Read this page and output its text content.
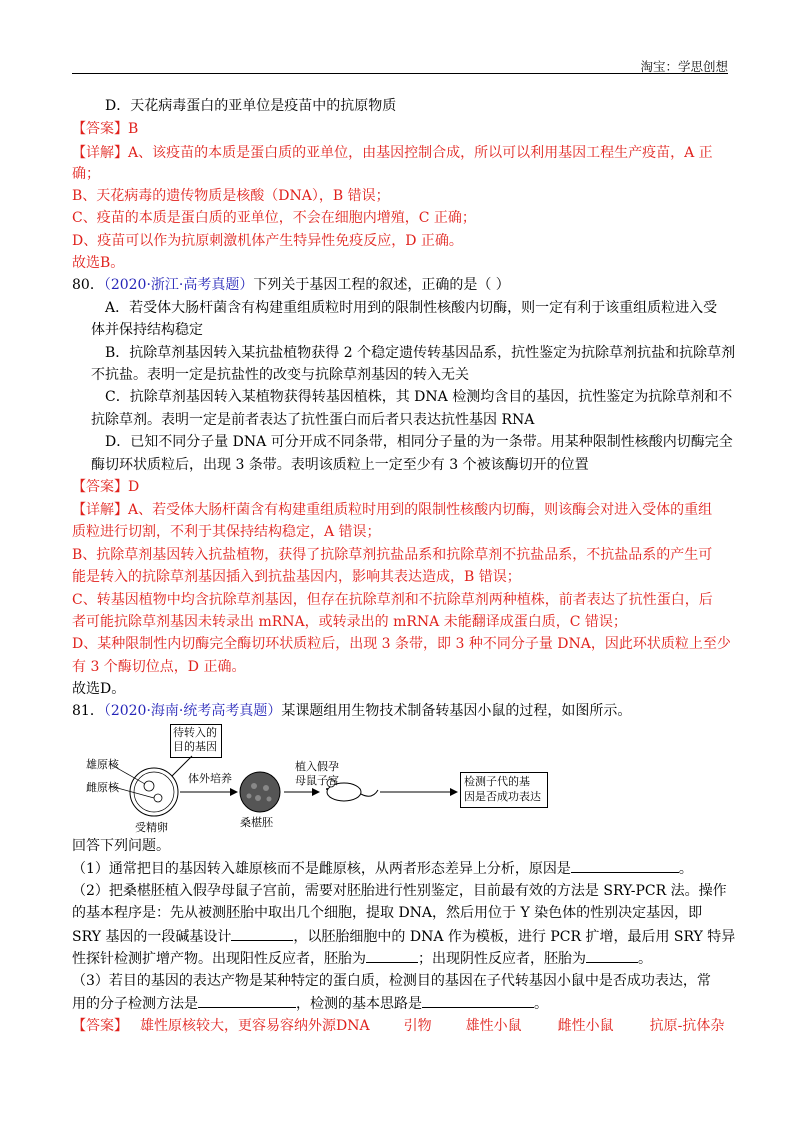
淘宝：学思创想
D．天花病毒蛋白的亚单位是疫苗中的抗原物质
【答案】B
【详解】A、该疫苗的本质是蛋白质的亚单位，由基因控制合成，所以可以利用基因工程生产疫苗，A 正
确；
B、天花病毒的遗传物质是核酸（DNA），B 错误；
C、疫苗的本质是蛋白质的亚单位，不会在细胞内增殖，C 正确；
D、疫苗可以作为抗原刺激机体产生特异性免疫反应，D 正确。
故选B。
80．（2020·浙江·高考真题）下列关于基因工程的叙述，正确的是（ ）
A．若受体大肠杆菌含有构建重组质粒时用到的限制性核酸内切酶，则一定有利于该重组质粒进入受
体并保持结构稳定
B．抗除草剂基因转入某抗盐植物获得 2 个稳定遗传转基因品系，抗性鉴定为抗除草剂抗盐和抗除草剂
不抗盐。表明一定是抗盐性的改变与抗除草剂基因的转入无关
C．抗除草剂基因转入某植物获得转基因植株，其 DNA 检测均含目的基因，抗性鉴定为抗除草剂和不
抗除草剂。表明一定是前者表达了抗性蛋白而后者只表达抗性基因 RNA
D．已知不同分子量 DNA 可分开成不同条带，相同分子量的为一条带。用某种限制性核酸内切酶完全
酶切环状质粒后，出现 3 条带。表明该质粒上一定至少有 3 个被该酶切开的位置
【答案】D
【详解】A、若受体大肠杆菌含有构建重组质粒时用到的限制性核酸内切酶，则该酶会对进入受体的重组
质粒进行切割，不利于其保持结构稳定，A 错误；
B、抗除草剂基因转入抗盐植物，获得了抗除草剂抗盐品系和抗除草剂不抗盐品系，不抗盐品系的产生可
能是转入的抗除草剂基因插入到抗盐基因内，影响其表达造成，B 错误；
C、转基因植物中均含抗除草剂基因，但存在抗除草剂和不抗除草剂两种植株，前者表达了抗性蛋白，后
者可能抗除草剂基因未转录出 mRNA，或转录出的 mRNA 未能翻译成蛋白质，C 错误；
D、某种限制性内切酶完全酶切环状质粒后，出现 3 条带，即 3 种不同分子量 DNA，因此环状质粒上至少
有 3 个酶切位点，D 正确。
故选D。
81．（2020·海南·统考高考真题）某课题组用生物技术制备转基因小鼠的过程，如图所示。
待转入的
目的基因
雄原核
雌原核
体外培养
受精卵	桑椹胚
植入假孕
母鼠子宫	检测子代的基
因是否成功表达
回答下列问题。
（1）通常把目的基因转入雄原核而不是雌原核，从两者形态差异上分析，原因是	。
（2）把桑椹胚植入假孕母鼠子宫前，需要对胚胎进行性别鉴定，目前最有效的方法是 SRY-PCR 法。操作
的基本程序是：先从被测胚胎中取出几个细胞，提取 DNA，然后用位于 Y 染色体的性别决定基因，即
SRY 基因的一段碱基设计	，以胚胎细胞中的 DNA 作为模板，进行 PCR 扩增，最后用 SRY 特异
性探针检测扩增产物。出现阳性反应者，胚胎为	；出现阴性反应者，胚胎为	。
（3）若目的基因的表达产物是某种特定的蛋白质，检测目的基因在子代转基因小鼠中是否成功表达，常
用的分子检测方法是	，检测的基本思路是	。
【答案】 雄性原核较大，更容易容纳外源DNA 引物 雄性小鼠	雌性小鼠	抗原-抗体杂
